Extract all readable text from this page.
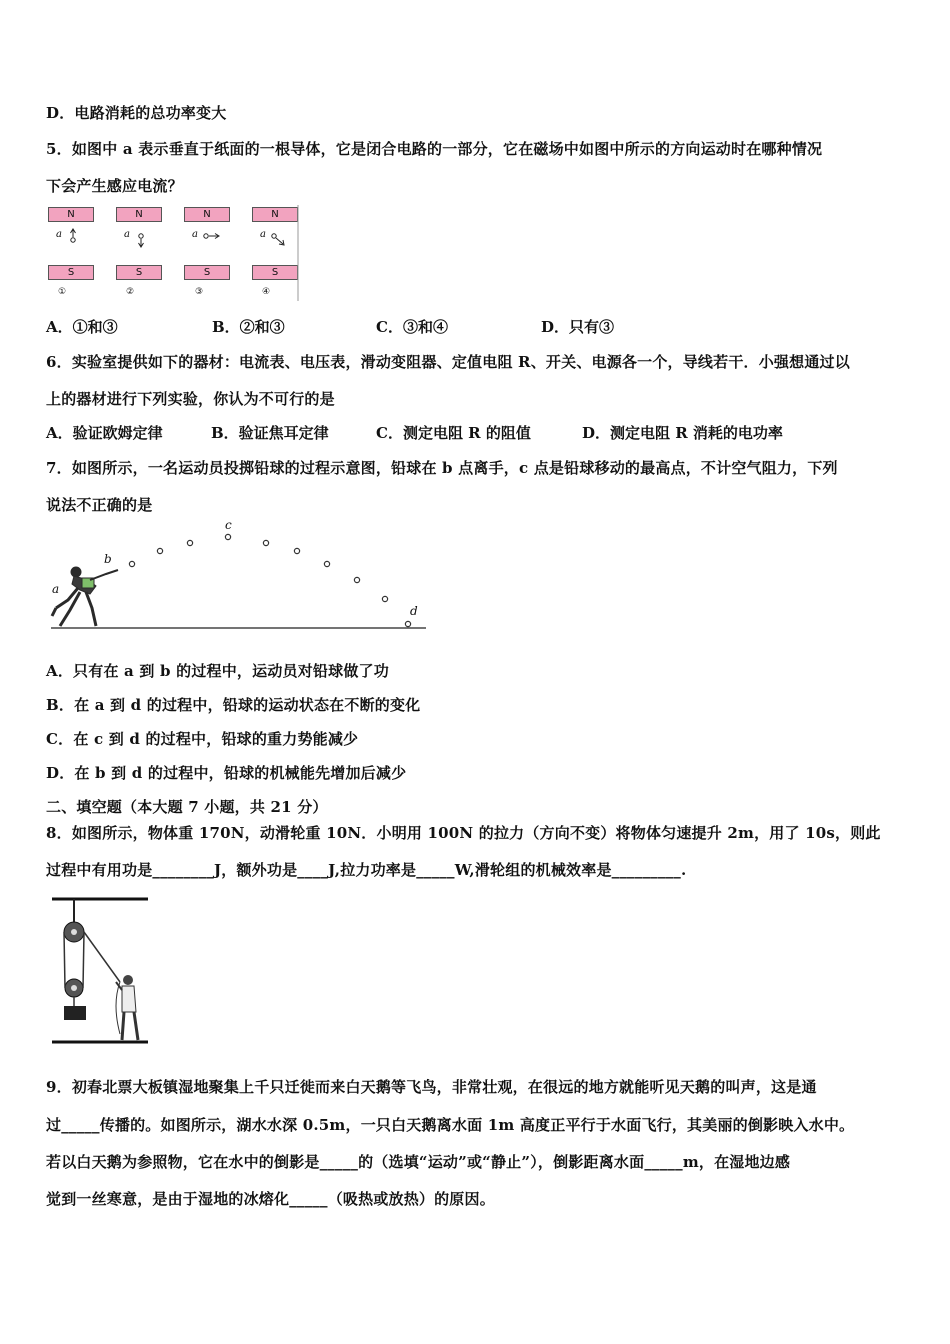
D．电路消耗的总功率变大
5．如图中 a 表示垂直于纸面的一根导体，它是闭合电路的一部分，它在磁场中如图中所示的方向运动时在哪种情况
下会产生感应电流？
N	N	N	N
S	S	S	S
a	a	a	a
①	②	③	④
A．①和③	B．②和③	C．③和④	D．只有③
6．实验室提供如下的器材：电流表、电压表，滑动变阻器、定值电阻 R、开关、电源各一个，导线若干．小强想通过以
上的器材进行下列实验，你认为不可行的是
A．验证欧姆定律	B．验证焦耳定律	C．测定电阻 R 的阻值	D．测定电阻 R 消耗的电功率
7．如图所示，一名运动员投掷铅球的过程示意图，铅球在 b 点离手，c 点是铅球移动的最高点，不计空气阻力，下列
说法不正确的是
a
b
c
d
A．只有在 a 到 b 的过程中，运动员对铅球做了功
B．在 a 到 d 的过程中，铅球的运动状态在不断的变化
C．在 c 到 d 的过程中，铅球的重力势能减少
D．在 b 到 d 的过程中，铅球的机械能先增加后减少
二、填空题（本大题 7 小题，共 21 分）
8．如图所示，物体重 170N，动滑轮重 10N．小明用 100N 的拉力（方向不变）将物体匀速提升 2m，用了 10s，则此
过程中有用功是________J，额外功是____J,拉力功率是_____W,滑轮组的机械效率是_________.
9．初春北票大板镇湿地聚集上千只迁徙而来白天鹅等飞鸟，非常壮观，在很远的地方就能听见天鹅的叫声，这是通
过_____传播的。如图所示，湖水水深 0.5m，一只白天鹅离水面 1m 高度正平行于水面飞行，其美丽的倒影映入水中。
若以白天鹅为参照物，它在水中的倒影是_____的（选填“运动”或“静止”），倒影距离水面_____m，在湿地边感
觉到一丝寒意，是由于湿地的冰熔化_____（吸热或放热）的原因。
